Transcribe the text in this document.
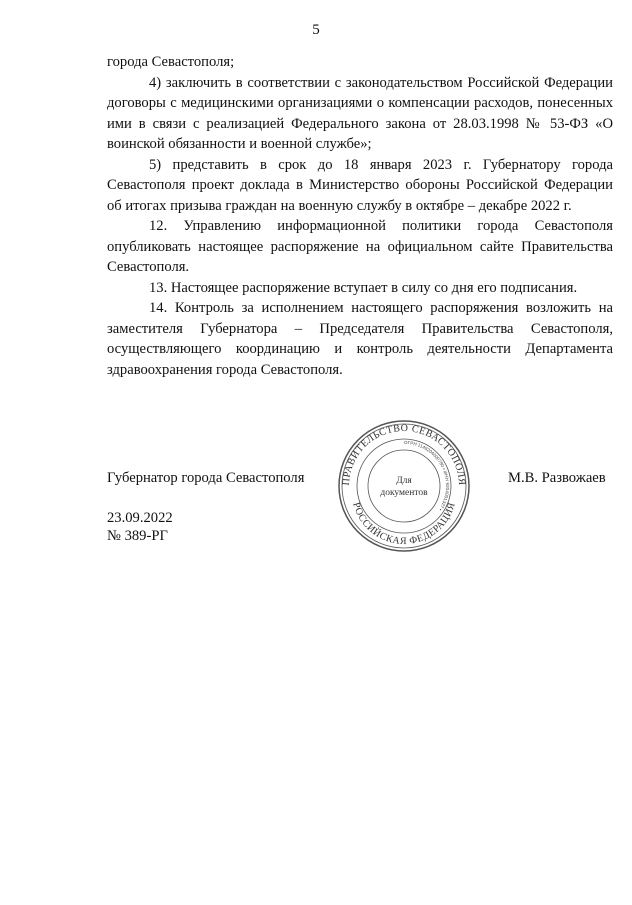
5

города Севастополя;

4) заключить в соответствии с законодательством Российской Федерации договоры с медицинскими организациями о компенсации расходов, понесенных ими в связи с реализацией Федерального закона от 28.03.1998 № 53-ФЗ «О воинской обязанности и военной службе»;

5) представить в срок до 18 января 2023 г. Губернатору города Севастополя проект доклада в Министерство обороны Российской Федерации об итогах призыва граждан на военную службу в октябре – декабре 2022 г.

12. Управлению информационной политики города Севастополя опубликовать настоящее распоряжение на официальном сайте Правительства Севастополя.

13. Настоящее распоряжение вступает в силу со дня его подписания.

14. Контроль за исполнением настоящего распоряжения возложить на заместителя Губернатора – Председателя Правительства Севастополя, осуществляющего координацию и контроль деятельности Департамента здравоохранения города Севастополя.

Губернатор города Севастополя	М.В. Развожаев
ПРАВИТЕЛЬСТВО СЕВАСТОПОЛЯ
РОССИЙСКАЯ ФЕДЕРАЦИЯ
ОГРН 1149204000780 • ИНН 9204001327 •
Для
документов
23.09.2022
№ 389-РГ
